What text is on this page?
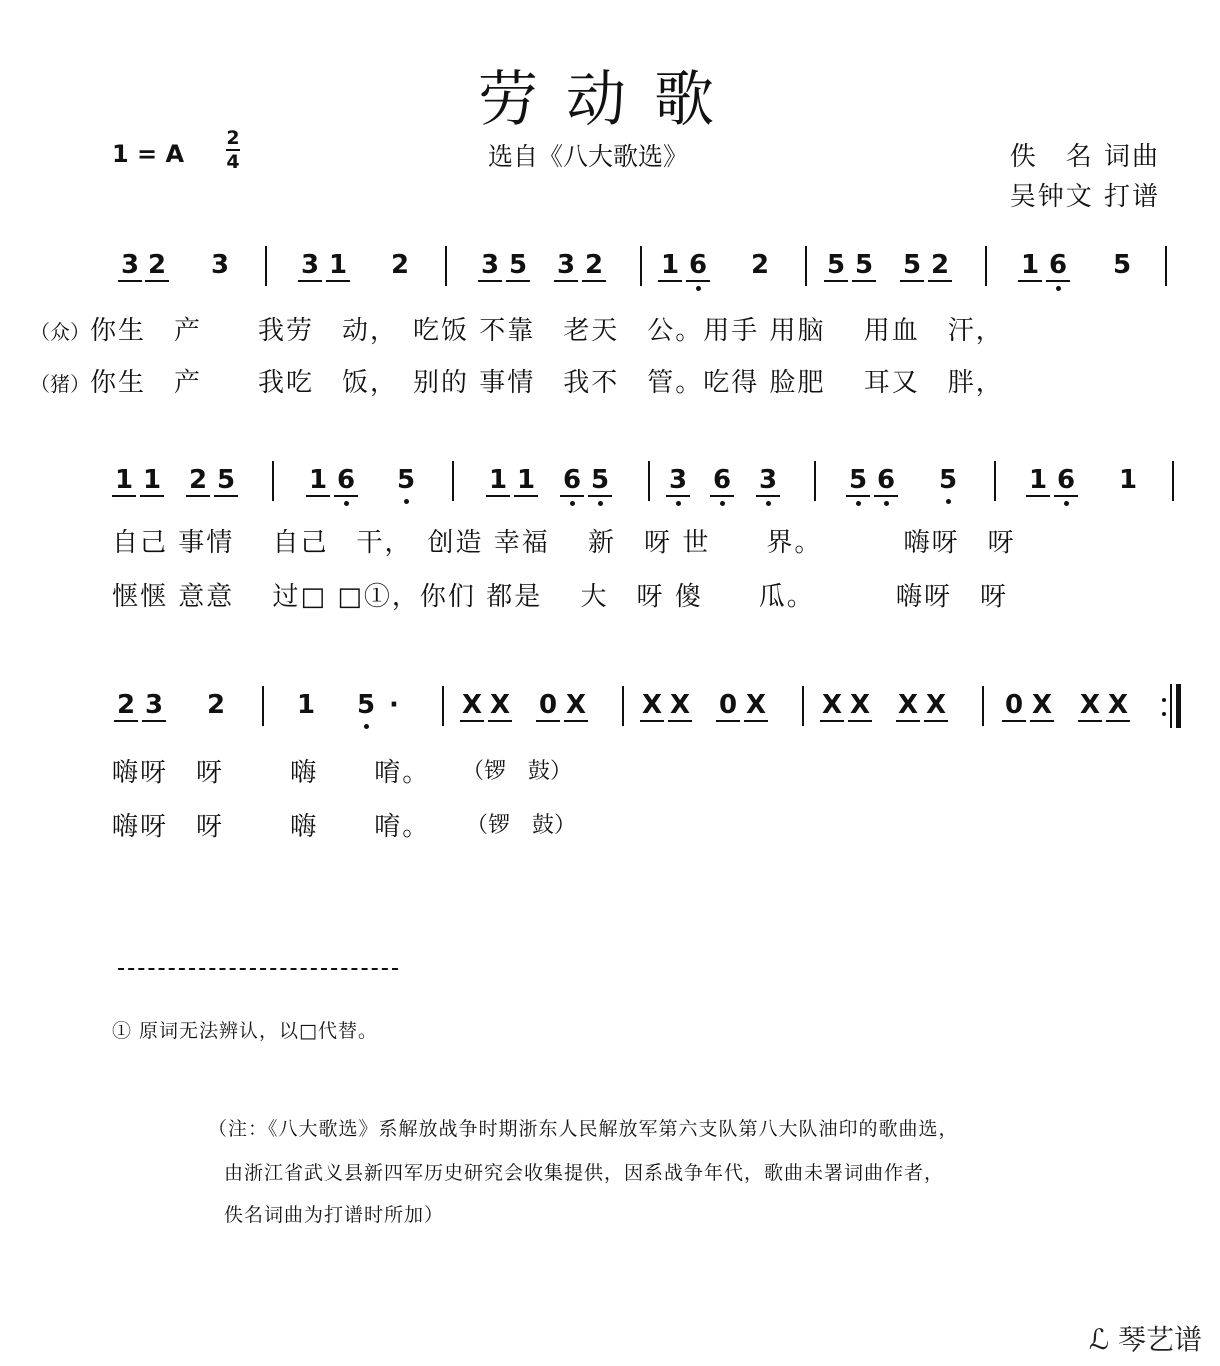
劳动歌
1 = A
2
4	选自《八大歌选》	佚　名 词曲
吴钟文 打谱
3 2 3	3 1 2	3 5 3 2 1 6 2 5 5 5 2	1 6 5
（众）你生　产　　我劳　动，　吃饭 不靠　老天　公。用手 用脑　 用血　汗，
（猪）你生　产　　我吃　饭，　别的 事情　我不　管。吃得 脸肥　 耳又　胖，
1 1 2 5	1 6 5	1 1 6 5 3 6 3	5 6 5	1 6 1
自己 事情　 自己　干，　创造 幸福　 新　呀 世　　界。　　　 嗨呀　呀
惬惬 意意　 过□ □①，你们 都是　 大　呀 傻　　瓜。　　　 嗨呀　呀
2 3 2	1 5 · X X 0 X X X 0 X X X X X 0 X X X
嗨呀　呀　　 嗨　　唷。
嗨呀　呀　　 嗨　　唷。
（锣　鼓）
（锣　鼓）
① 原词无法辨认，以□代替。
（注：《八大歌选》系解放战争时期浙东人民解放军第六支队第八大队油印的歌曲选，
由浙江省武义县新四军历史研究会收集提供，因系战争年代，歌曲未署词曲作者，
佚名词曲为打谱时所加）
ℒ 琴艺谱
